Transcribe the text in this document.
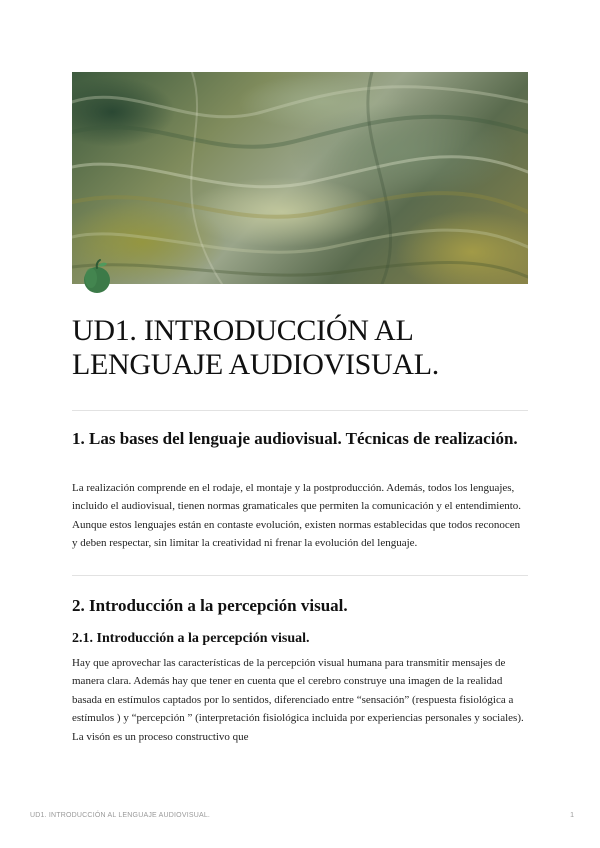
UD1. INTRODUCCIÓN AL LENGUAJE AUDIOVISUAL.
1. Las bases del lenguaje audiovisual. Técnicas de realización.

La realización comprende en el rodaje, el montaje y la postproducción. Además, todos los lenguajes, incluido el audiovisual, tienen normas gramaticales que permiten la comunicación y el entendimiento. Aunque estos lenguajes están en contaste evolución, existen normas establecidas que todos reconocen y deben respectar, sin limitar la creatividad ni frenar la evolución del lenguaje.

2. Introducción a la percepción visual.
2.1. Introducción a la percepción visual.

Hay que aprovechar las características de la percepción visual humana para transmitir mensajes de manera clara. Además hay que tener en cuenta que el cerebro construye una imagen de la realidad basada en estímulos captados por lo sentidos, diferenciado entre “sensación” (respuesta fisiológica a estímulos ) y “percepción ” (interpretación fisiológica incluida por experiencias personales y sociales). La visón es un proceso constructivo que

UD1. INTRODUCCIÓN AL LENGUAJE AUDIOVISUAL.	1
